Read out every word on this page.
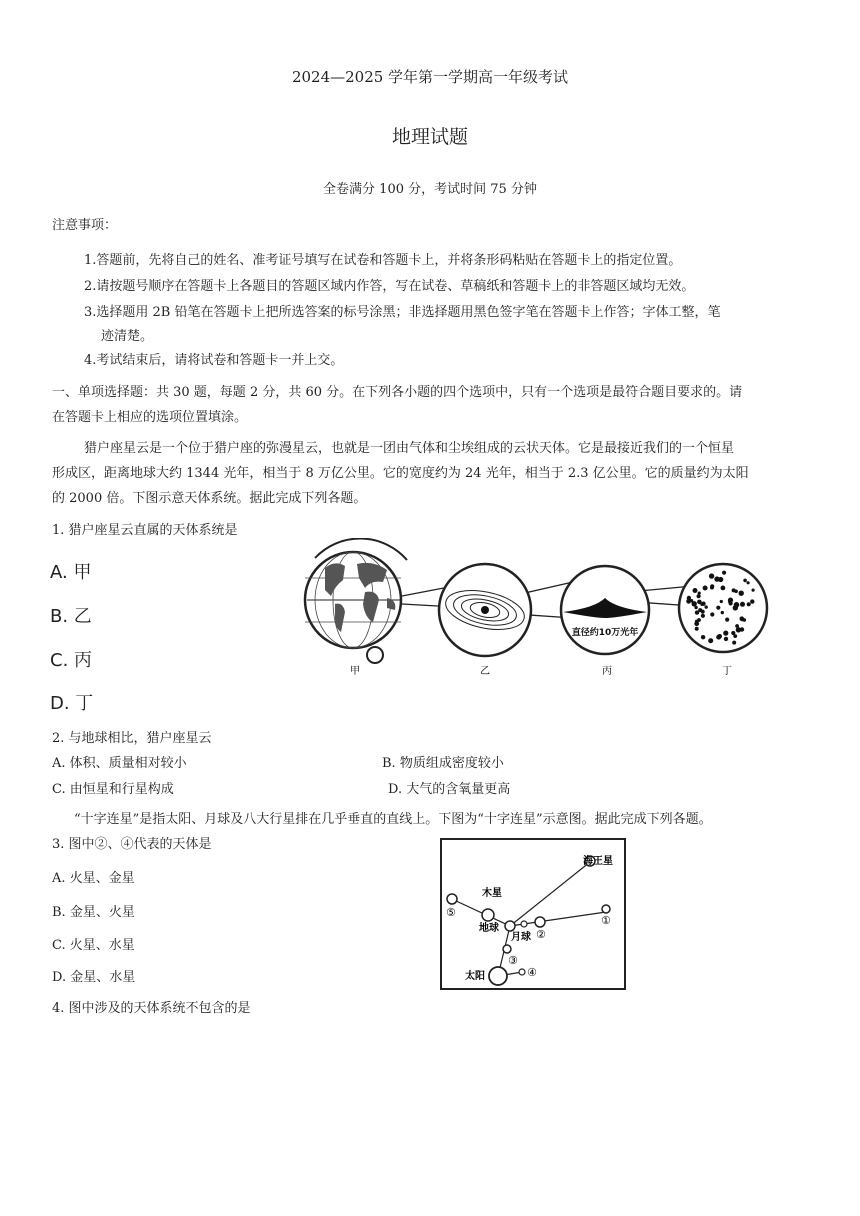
2024—2025 学年第一学期高一年级考试
地理试题
全卷满分 100 分，考试时间 75 分钟
注意事项：
1.答题前，先将自己的姓名、准考证号填写在试卷和答题卡上，并将条形码粘贴在答题卡上的指定位置。
2.请按题号顺序在答题卡上各题目的答题区域内作答，写在试卷、草稿纸和答题卡上的非答题区域均无效。
3.选择题用 2B 铅笔在答题卡上把所选答案的标号涂黑；非选择题用黑色签字笔在答题卡上作答；字体工整，笔
迹清楚。
4.考试结束后，请将试卷和答题卡一并上交。
一、单项选择题：共 30 题，每题 2 分，共 60 分。在下列各小题的四个选项中，只有一个选项是最符合题目要求的。请
在答题卡上相应的选项位置填涂。
猎户座星云是一个位于猎户座的弥漫星云，也就是一团由气体和尘埃组成的云状天体。它是最接近我们的一个恒星
形成区，距离地球大约 1344 光年，相当于 8 万亿公里。它的宽度约为 24 光年，相当于 2.3 亿公里。它的质量约为太阳
的 2000 倍。下图示意天体系统。据此完成下列各题。
1. 猎户座星云直属的天体系统是
A. 甲
B. 乙
C. 丙
D. 丁
直径约10万光年
甲	乙	丙	丁
2. 与地球相比，猎户座星云
A. 体积、质量相对较小	B. 物质组成密度较小
C. 由恒星和行星构成	D. 大气的含氧量更高
“十字连星”是指太阳、月球及八大行星排在几乎垂直的直线上。下图为“十字连星”示意图。据此完成下列各题。
3. 图中②、④代表的天体是
A. 火星、金星
B. 金星、火星
C. 火星、水星
D. 金星、水星
海王星
木星
地球
月球
太阳
①
②
③
④
⑤
4. 图中涉及的天体系统不包含的是
